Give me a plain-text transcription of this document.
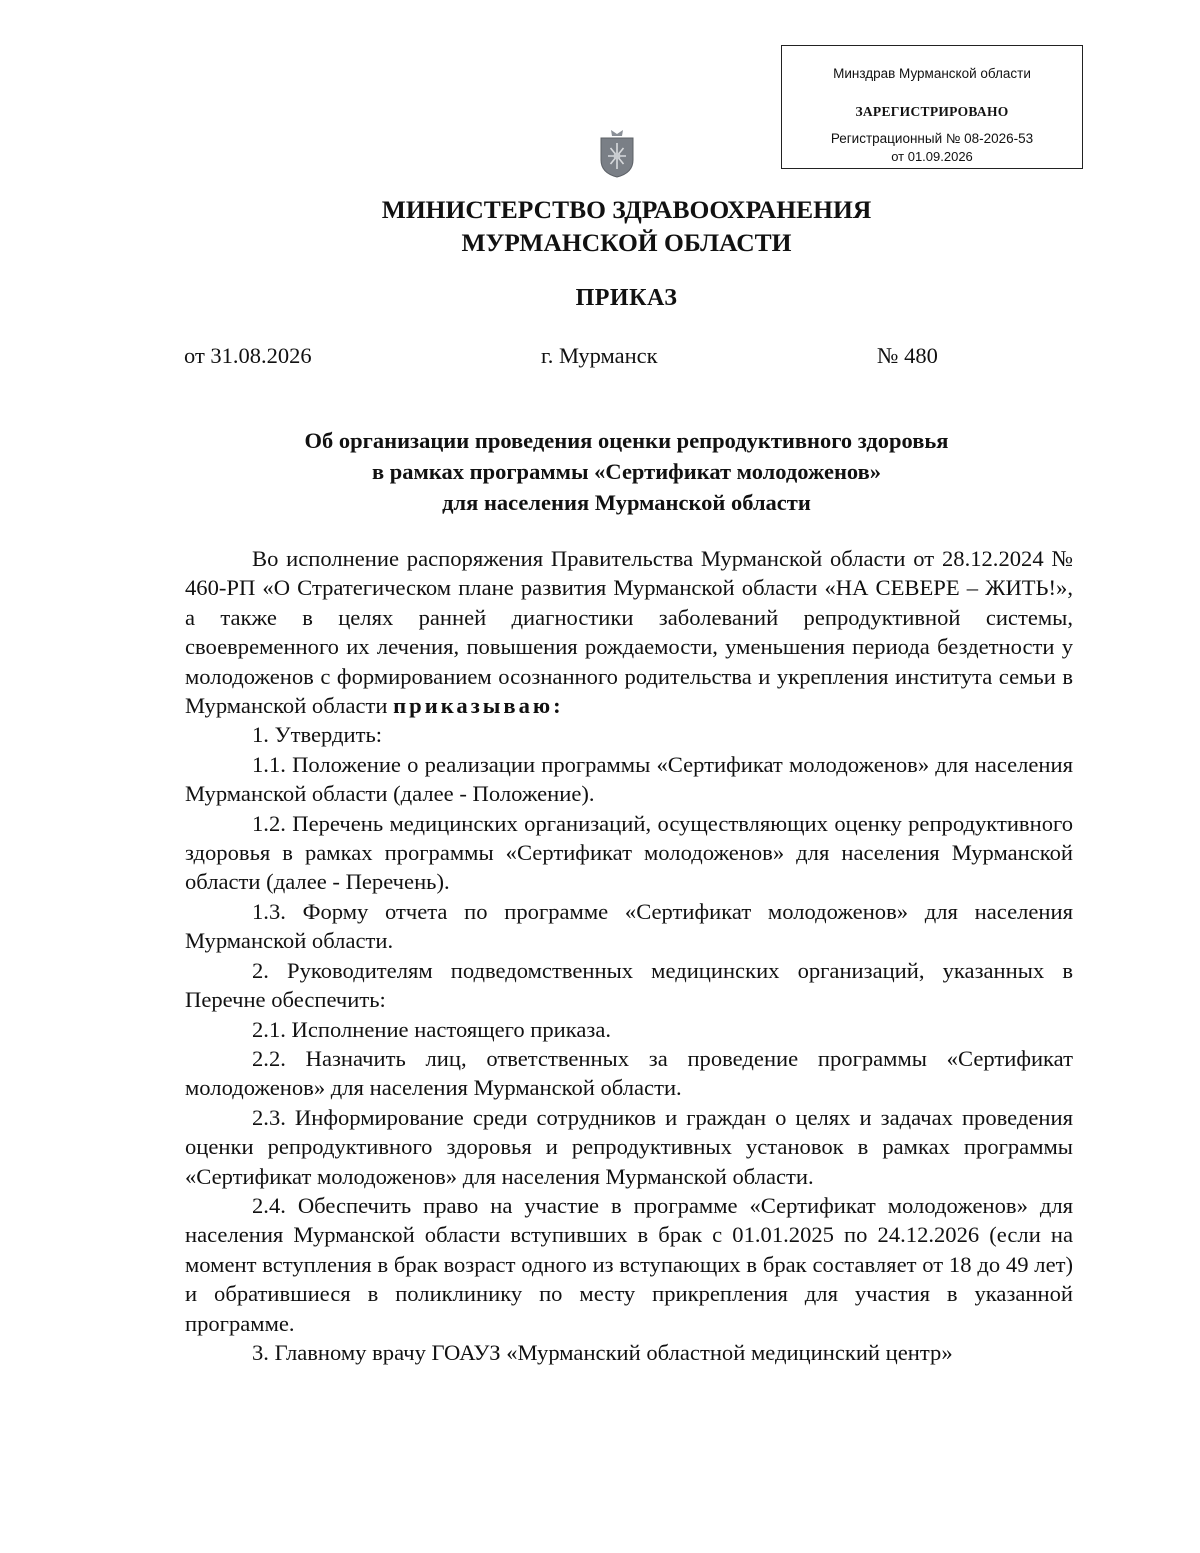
Минздрав Мурманской области
ЗАРЕГИСТРИРОВАНО
Регистрационный № 08-2026-53
от 01.09.2026
МИНИСТЕРСТВО ЗДРАВООХРАНЕНИЯ
МУРМАНСКОЙ ОБЛАСТИ
ПРИКАЗ
от 31.08.2026	г. Мурманск	№ 480
Об организации проведения оценки репродуктивного здоровья
в рамках программы «Сертификат молодоженов»
для населения Мурманской области

Во исполнение распоряжения Правительства Мурманской области от 28.12.2024 № 460-РП «О Стратегическом плане развития Мурманской области «НА СЕВЕРЕ – ЖИТЬ!», а также в целях ранней диагностики заболеваний репродуктивной системы, своевременного их лечения, повышения рождаемости, уменьшения периода бездетности у молодоженов с формированием осознанного родительства и укрепления института семьи в Мурманской области приказываю:

1. Утвердить:

1.1. Положение о реализации программы «Сертификат молодоженов» для населения Мурманской области (далее - Положение).

1.2. Перечень медицинских организаций, осуществляющих оценку репродуктивного здоровья в рамках программы «Сертификат молодоженов» для населения Мурманской области (далее - Перечень).

1.3. Форму отчета по программе «Сертификат молодоженов» для населения Мурманской области.

2. Руководителям подведомственных медицинских организаций, указанных в Перечне обеспечить:

2.1. Исполнение настоящего приказа.

2.2. Назначить лиц, ответственных за проведение программы «Сертификат молодоженов» для населения Мурманской области.

2.3. Информирование среди сотрудников и граждан о целях и задачах проведения оценки репродуктивного здоровья и репродуктивных установок в рамках программы «Сертификат молодоженов» для населения Мурманской области.

2.4. Обеспечить право на участие в программе «Сертификат молодоженов» для населения Мурманской области вступивших в брак с 01.01.2025 по 24.12.2026 (если на момент вступления в брак возраст одного из вступающих в брак составляет от 18 до 49 лет) и обратившиеся в поликлинику по месту прикрепления для участия в указанной программе.

3. Главному врачу ГОАУЗ «Мурманский областной медицинский центр»
